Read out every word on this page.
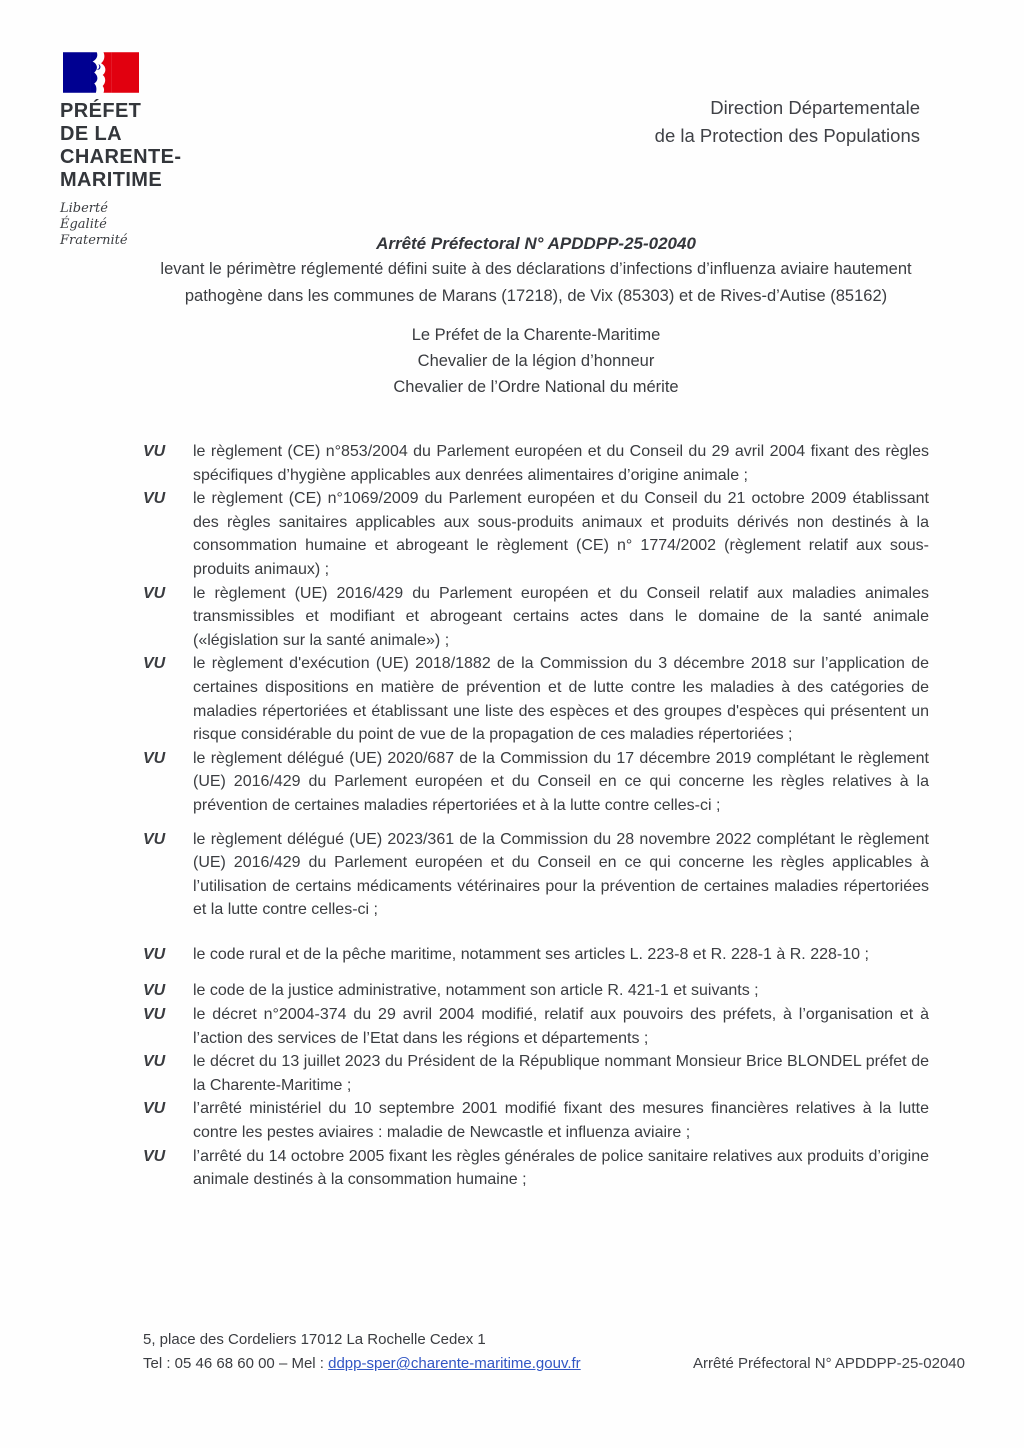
PRÉFET
DE LA
CHARENTE-
MARITIME
Liberté
Égalité
Fraternité
Direction Départementale
de la Protection des Populations
Arrêté Préfectoral N° APDDPP-25-02040
levant le périmètre réglementé défini suite à des déclarations d’infections d’influenza aviaire hautement pathogène dans les communes de Marans (17218), de Vix (85303) et de Rives-d’Autise (85162)
Le Préfet de la Charente-Maritime
Chevalier de la légion d’honneur
Chevalier de l’Ordre National du mérite
VU	le règlement (CE) n°853/2004 du Parlement européen et du Conseil du 29 avril 2004 fixant des règles spécifiques d’hygiène applicables aux denrées alimentaires d’origine animale ;
VU	le règlement (CE) n°1069/2009 du Parlement européen et du Conseil du 21 octobre 2009 établissant des règles sanitaires applicables aux sous-produits animaux et produits dérivés non destinés à la consommation humaine et abrogeant le règlement (CE) n° 1774/2002 (règlement relatif aux sous-produits animaux) ;
VU	le règlement (UE) 2016/429 du Parlement européen et du Conseil relatif aux maladies animales transmissibles et modifiant et abrogeant certains actes dans le domaine de la santé animale («législation sur la santé animale») ;
VU	le règlement d'exécution (UE) 2018/1882 de la Commission du 3 décembre 2018 sur l’application de certaines dispositions en matière de prévention et de lutte contre les maladies à des catégories de maladies répertoriées et établissant une liste des espèces et des groupes d'espèces qui présentent un risque considérable du point de vue de la propagation de ces maladies répertoriées ;
VU	le règlement délégué (UE) 2020/687 de la Commission du 17 décembre 2019 complétant le règlement (UE) 2016/429 du Parlement européen et du Conseil en ce qui concerne les règles relatives à la prévention de certaines maladies répertoriées et à la lutte contre celles-ci ;
VU	le règlement délégué (UE) 2023/361 de la Commission du 28 novembre 2022 complétant le règlement (UE) 2016/429 du Parlement européen et du Conseil en ce qui concerne les règles applicables à l’utilisation de certains médicaments vétérinaires pour la prévention de certaines maladies répertoriées et la lutte contre celles-ci ;
VU	le code rural et de la pêche maritime, notamment ses articles L. 223-8 et R. 228-1 à R. 228-10 ;
VU	le code de la justice administrative, notamment son article R. 421-1 et suivants ;
VU	le décret n°2004-374 du 29 avril 2004 modifié, relatif aux pouvoirs des préfets, à l’organisation et à l’action des services de l’Etat dans les régions et départements ;
VU	le décret du 13 juillet 2023 du Président de la République nommant Monsieur Brice BLONDEL préfet de la Charente-Maritime ;
VU	l’arrêté ministériel du 10 septembre 2001 modifié fixant des mesures financières relatives à la lutte contre les pestes aviaires : maladie de Newcastle et influenza aviaire ;
VU	l’arrêté du 14 octobre 2005 fixant les règles générales de police sanitaire relatives aux produits d’origine animale destinés à la consommation humaine ;
5, place des Cordeliers 17012 La Rochelle Cedex 1
Tel : 05 46 68 60 00 – Mel : ddpp-sper@charente-maritime.gouv.fr	Arrêté Préfectoral N° APDDPP-25-02040
